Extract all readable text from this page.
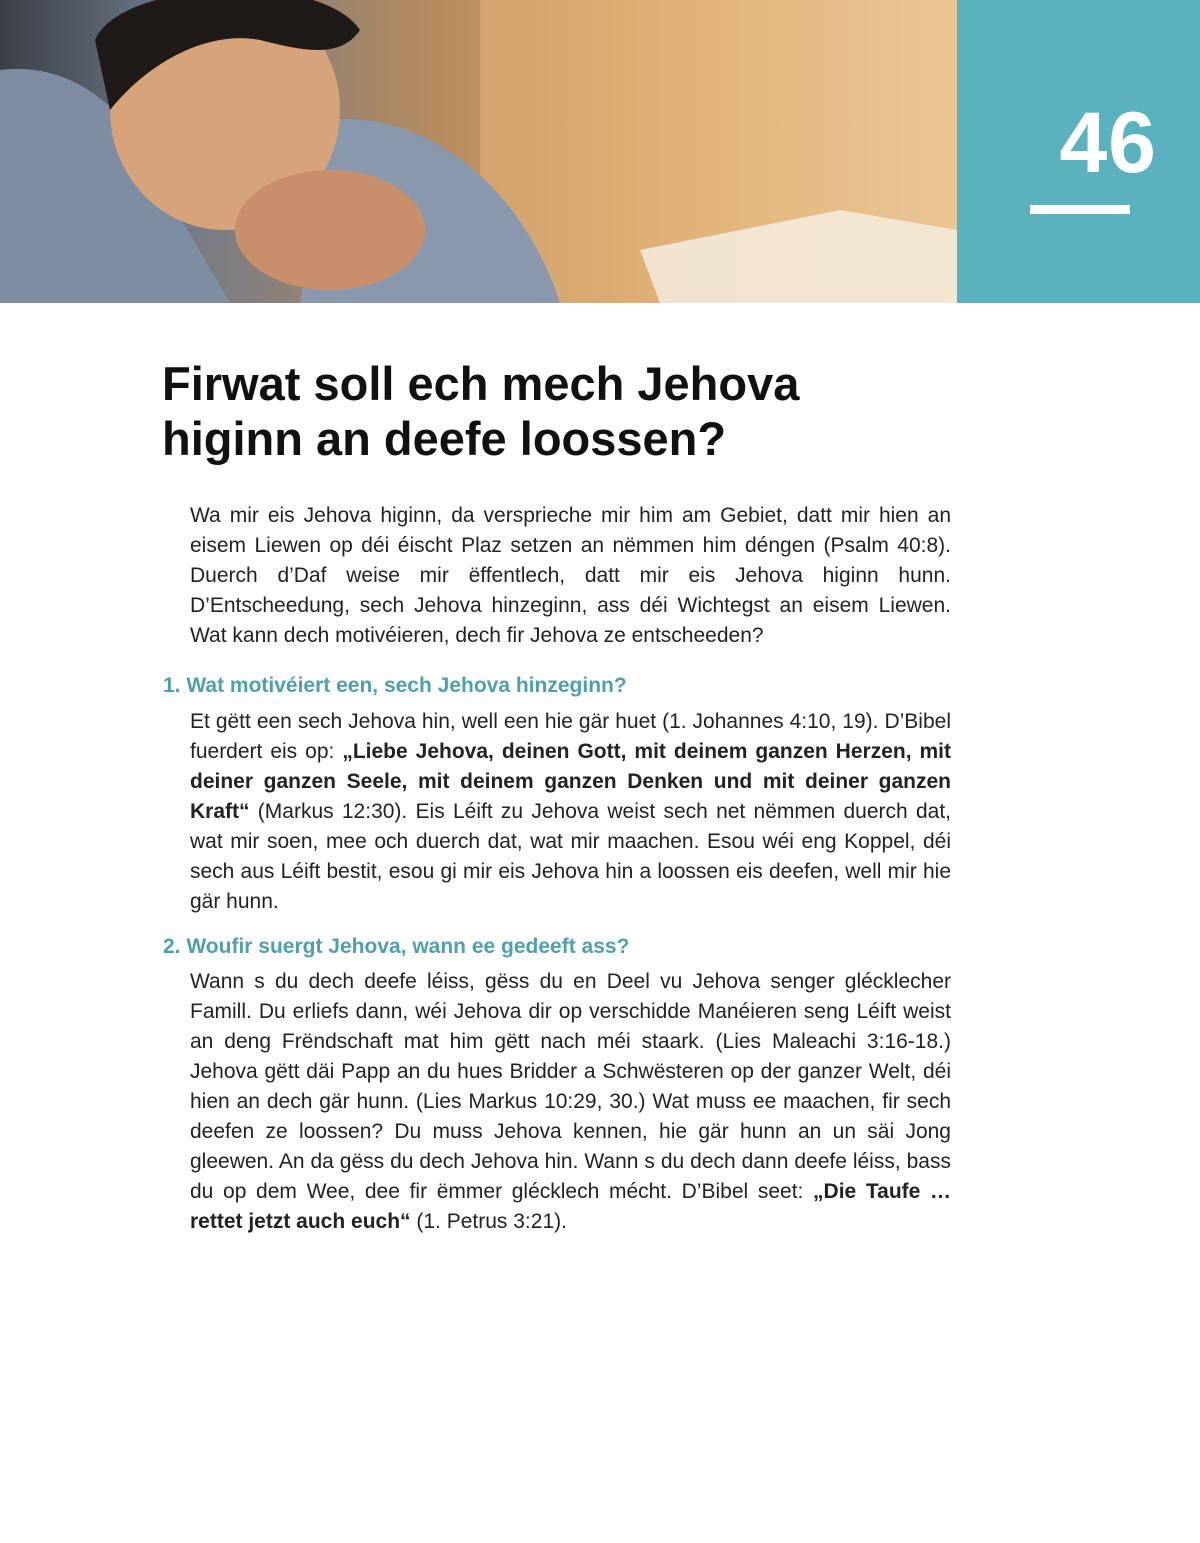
46
Firwat soll ech mech Jehova
higinn an deefe loossen?

Wa mir eis Jehova higinn, da versprieche mir him am Gebiet, datt mir hien an eisem Liewen op déi éischt Plaz setzen an nëmmen him déngen (Psalm 40:8). Duerch d’Daf weise mir ëffentlech, datt mir eis Jehova higinn hunn. D’Entscheedung, sech Jehova hinzeginn, ass déi Wichtegst an eisem Liewen. Wat kann dech motivéieren, dech fir Jehova ze entscheeden?

1. Wat motivéiert een, sech Jehova hinzeginn?

Et gëtt een sech Jehova hin, well een hie gär huet (1. Johannes 4:10, 19). D’Bibel fuerdert eis op: „Liebe Jehova, deinen Gott, mit deinem ganzen Herzen, mit deiner ganzen Seele, mit deinem ganzen Denken und mit deiner ganzen Kraft“ (Markus 12:30). Eis Léift zu Jehova weist sech net nëmmen duerch dat, wat mir soen, mee och duerch dat, wat mir maachen. Esou wéi eng Koppel, déi sech aus Léift bestit, esou gi mir eis Jehova hin a loossen eis deefen, well mir hie gär hunn.

2. Woufir suergt Jehova, wann ee gedeeft ass?

Wann s du dech deefe léiss, gëss du en Deel vu Jehova senger glécklecher Famill. Du erliefs dann, wéi Jehova dir op verschidde Manéieren seng Léift weist an deng Frëndschaft mat him gëtt nach méi staark. (Lies Maleachi 3:16-18.) Jehova gëtt däi Papp an du hues Bridder a Schwësteren op der ganzer Welt, déi hien an dech gär hunn. (Lies Markus 10:29, 30.) Wat muss ee maachen, fir sech deefen ze loossen? Du muss Jehova kennen, hie gär hunn an un säi Jong gleewen. An da gëss du dech Jehova hin. Wann s du dech dann deefe léiss, bass du op dem Wee, dee fir ëmmer glécklech mécht. D’Bibel seet: „Die Taufe … rettet jetzt auch euch“ (1. Petrus 3:21).
